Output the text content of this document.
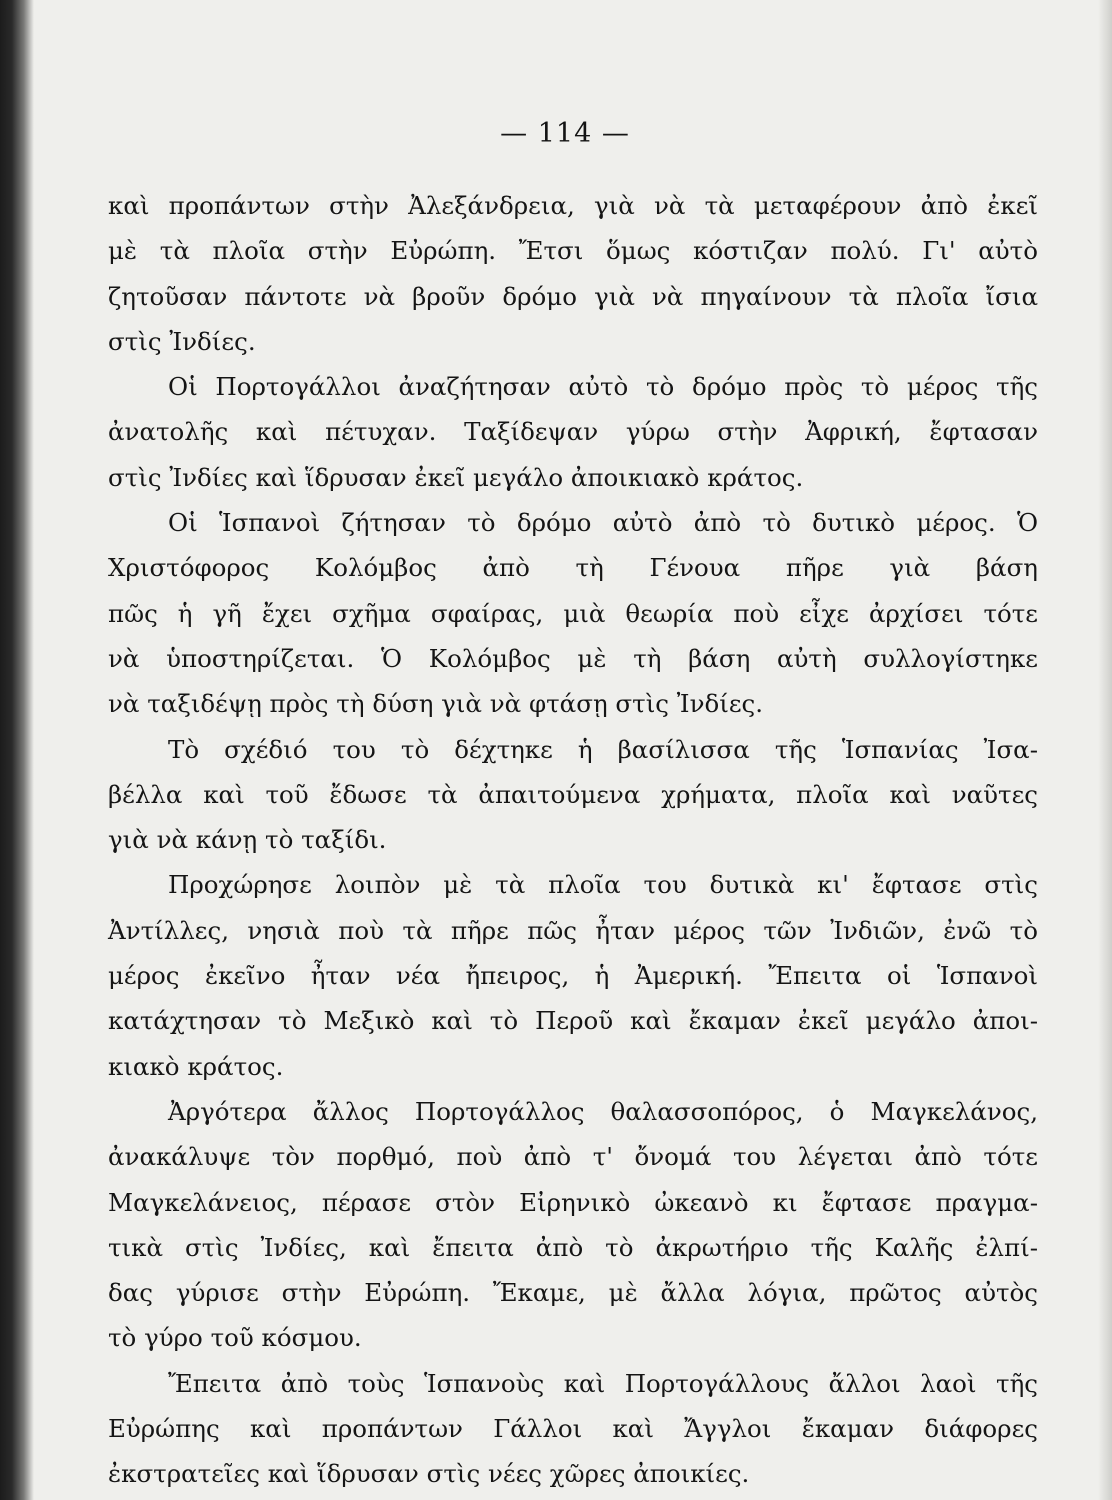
— 114 —
καὶ προπάντων στὴν Ἀλεξάνδρεια, γιὰ νὰ τὰ μεταφέρουν ἀπὸ ἐκεῖ
μὲ τὰ πλοῖα στὴν Εὐρώπη. Ἔτσι ὅμως κόστιζαν πολύ. Γι' αὐτὸ
ζητοῦσαν πάντοτε νὰ βροῦν δρόμο γιὰ νὰ πηγαίνουν τὰ πλοῖα ἴσια
στὶς Ἰνδίες.
Οἱ Πορτογάλλοι ἀναζήτησαν αὐτὸ τὸ δρόμο πρὸς τὸ μέρος τῆς
ἀνατολῆς καὶ πέτυχαν. Ταξίδεψαν γύρω στὴν Ἀφρική, ἔφτασαν
στὶς Ἰνδίες καὶ ἵδρυσαν ἐκεῖ μεγάλο ἀποικιακὸ κράτος.
Οἱ Ἱσπανοὶ ζήτησαν τὸ δρόμο αὐτὸ ἀπὸ τὸ δυτικὸ μέρος. Ὁ
Χριστόφορος Κολόμβος ἀπὸ τὴ Γένουα πῆρε γιὰ βάση
πῶς ἡ γῆ ἔχει σχῆμα σφαίρας, μιὰ θεωρία ποὺ εἶχε ἀρχίσει τότε
νὰ ὑποστηρίζεται. Ὁ Κολόμβος μὲ τὴ βάση αὐτὴ συλλογίστηκε
νὰ ταξιδέψῃ πρὸς τὴ δύση γιὰ νὰ φτάσῃ στὶς Ἰνδίες.
Τὸ σχέδιό του τὸ δέχτηκε ἡ βασίλισσα τῆς Ἱσπανίας Ἰσα-
βέλλα καὶ τοῦ ἔδωσε τὰ ἀπαιτούμενα χρήματα, πλοῖα καὶ ναῦτες
γιὰ νὰ κάνῃ τὸ ταξίδι.
Προχώρησε λοιπὸν μὲ τὰ πλοῖα του δυτικὰ κι' ἔφτασε στὶς
Ἀντίλλες, νησιὰ ποὺ τὰ πῆρε πῶς ἦταν μέρος τῶν Ἰνδιῶν, ἐνῶ τὸ
μέρος ἐκεῖνο ἦταν νέα ἤπειρος, ἡ Ἀμερική. Ἔπειτα οἱ Ἱσπανοὶ
κατάχτησαν τὸ Μεξικὸ καὶ τὸ Περοῦ καὶ ἔκαμαν ἐκεῖ μεγάλο ἀποι-
κιακὸ κράτος.
Ἀργότερα ἄλλος Πορτογάλλος θαλασσοπόρος, ὁ Μαγκελάνος,
ἀνακάλυψε τὸν πορθμό, ποὺ ἀπὸ τ' ὄνομά του λέγεται ἀπὸ τότε
Μαγκελάνειος, πέρασε στὸν Εἰρηνικὸ ὠκεανὸ κι ἔφτασε πραγμα-
τικὰ στὶς Ἰνδίες, καὶ ἔπειτα ἀπὸ τὸ ἀκρωτήριο τῆς Καλῆς ἐλπί-
δας γύρισε στὴν Εὐρώπη. Ἔκαμε, μὲ ἄλλα λόγια, πρῶτος αὐτὸς
τὸ γύρο τοῦ κόσμου.
Ἔπειτα ἀπὸ τοὺς Ἱσπανοὺς καὶ Πορτογάλλους ἄλλοι λαοὶ τῆς
Εὐρώπης καὶ προπάντων Γάλλοι καὶ Ἄγγλοι ἔκαμαν διάφορες
ἐκστρατεῖες καὶ ἵδρυσαν στὶς νέες χῶρες ἀποικίες.
